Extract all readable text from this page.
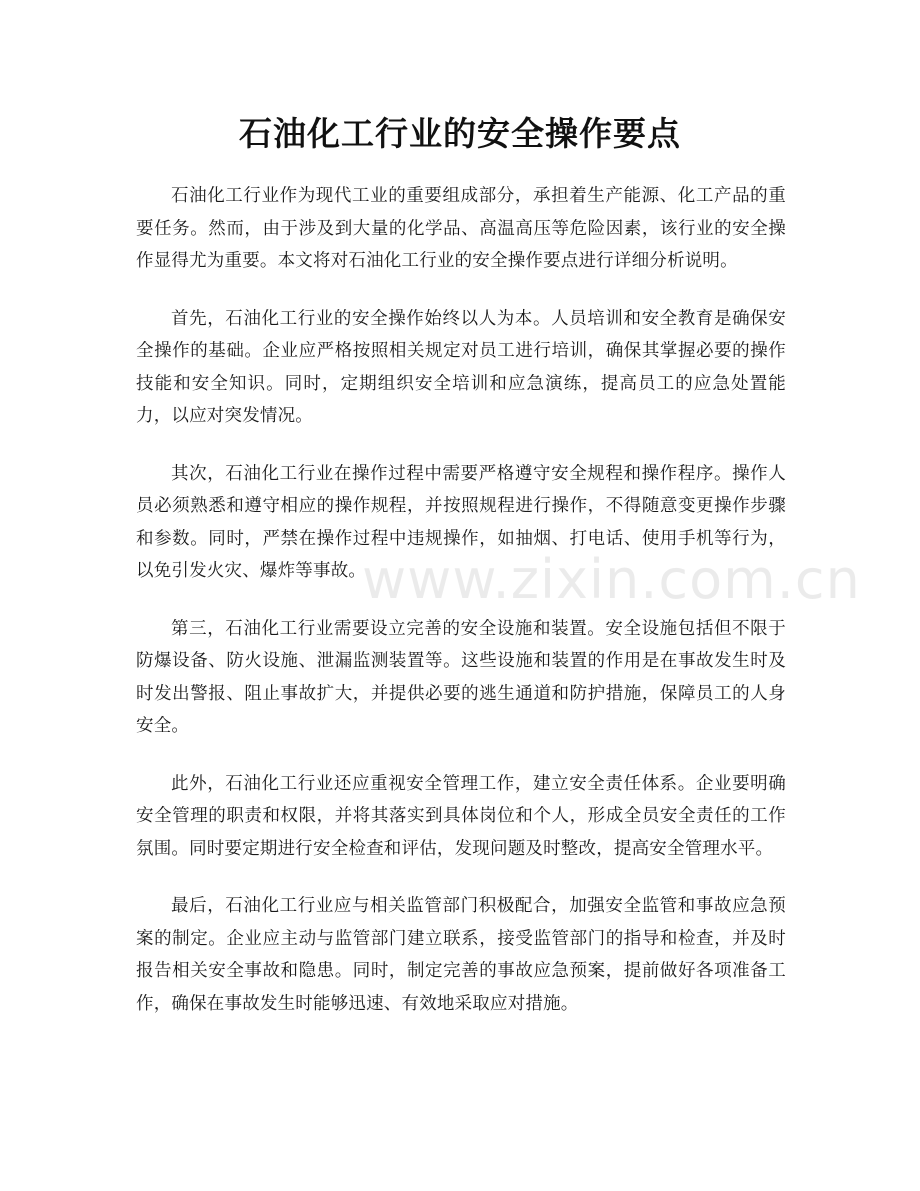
石油化工行业的安全操作要点

石油化工行业作为现代工业的重要组成部分，承担着生产能源、化工产品的重要任务。然而，由于涉及到大量的化学品、高温高压等危险因素，该行业的安全操作显得尤为重要。本文将对石油化工行业的安全操作要点进行详细分析说明。

首先，石油化工行业的安全操作始终以人为本。人员培训和安全教育是确保安全操作的基础。企业应严格按照相关规定对员工进行培训，确保其掌握必要的操作技能和安全知识。同时，定期组织安全培训和应急演练，提高员工的应急处置能力，以应对突发情况。

其次，石油化工行业在操作过程中需要严格遵守安全规程和操作程序。操作人员必须熟悉和遵守相应的操作规程，并按照规程进行操作，不得随意变更操作步骤和参数。同时，严禁在操作过程中违规操作，如抽烟、打电话、使用手机等行为，以免引发火灾、爆炸等事故。

第三，石油化工行业需要设立完善的安全设施和装置。安全设施包括但不限于防爆设备、防火设施、泄漏监测装置等。这些设施和装置的作用是在事故发生时及时发出警报、阻止事故扩大，并提供必要的逃生通道和防护措施，保障员工的人身安全。

此外，石油化工行业还应重视安全管理工作，建立安全责任体系。企业要明确安全管理的职责和权限，并将其落实到具体岗位和个人，形成全员安全责任的工作氛围。同时要定期进行安全检查和评估，发现问题及时整改，提高安全管理水平。

最后，石油化工行业应与相关监管部门积极配合，加强安全监管和事故应急预案的制定。企业应主动与监管部门建立联系，接受监管部门的指导和检查，并及时报告相关安全事故和隐患。同时，制定完善的事故应急预案，提前做好各项准备工作，确保在事故发生时能够迅速、有效地采取应对措施。

www.zixin.com.cn
